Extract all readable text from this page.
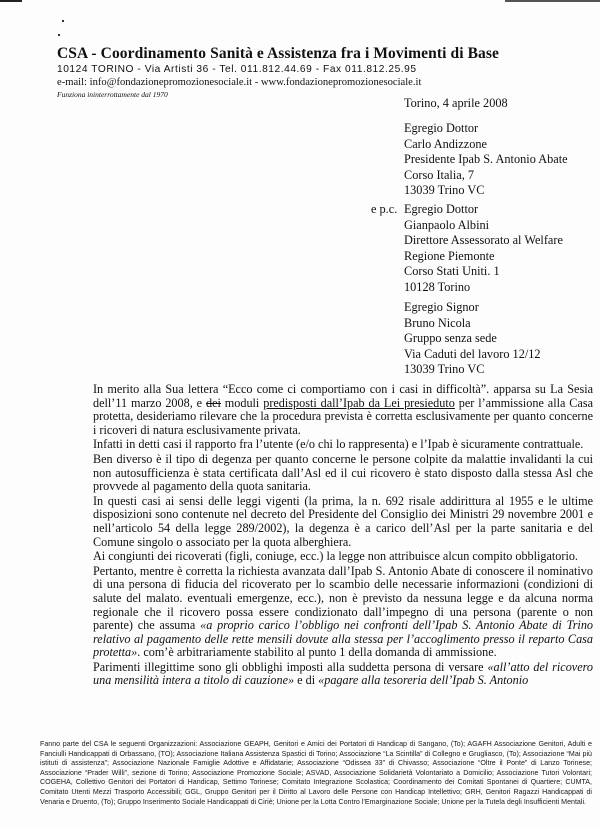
CSA - Coordinamento Sanità e Assistenza fra i Movimenti di Base
10124 TORINO - Via Artisti 36 - Tel. 011.812.44.69 - Fax 011.812.25.95
e-mail: info@fondazionepromozionesociale.it - www.fondazionepromozionesociale.it
Funziona ininterrottamente dal 1970
Torino, 4 aprile 2008
Egregio Dottor
Carlo Andizzone
Presidente Ipab S. Antonio Abate
Corso Italia, 7
13039 Trino VC
e p.c. Egregio Dottor
Gianpaolo Albini
Direttore Assessorato al Welfare
Regione Piemonte
Corso Stati Uniti. 1
10128 Torino
Egregio Signor
Bruno Nicola
Gruppo senza sede
Via Caduti del lavoro 12/12
13039 Trino VC

In merito alla Sua lettera “Ecco come ci comportiamo con i casi in difficoltà”. apparsa su La Sesia dell’11 marzo 2008, e dei moduli predisposti dall’Ipab da Lei presieduto per l’ammissione alla Casa protetta, desideriamo rilevare che la procedura prevista è corretta esclusivamente per quanto concerne i ricoveri di natura esclusivamente privata.

Infatti in detti casi il rapporto fra l’utente (e/o chi lo rappresenta) e l’Ipab è sicuramente contrattuale.

Ben diverso è il tipo di degenza per quanto concerne le persone colpite da malattie invalidanti la cui non autosufficienza è stata certificata dall’Asl ed il cui ricovero è stato disposto dalla stessa Asl che provvede al pagamento della quota sanitaria.

In questi casi ai sensi delle leggi vigenti (la prima, la n. 692 risale addirittura al 1955 e le ultime disposizioni sono contenute nel decreto del Presidente del Consiglio dei Ministri 29 novembre 2001 e nell’articolo 54 della legge 289/2002), la degenza è a carico dell’Asl per la parte sanitaria e del Comune singolo o associato per la quota alberghiera.

Ai congiunti dei ricoverati (figli, coniuge, ecc.) la legge non attribuisce alcun compito obbligatorio.

Pertanto, mentre è corretta la richiesta avanzata dall’Ipab S. Antonio Abate di conoscere il nominativo di una persona di fiducia del ricoverato per lo scambio delle necessarie informazioni (condizioni di salute del malato. eventuali emergenze, ecc.), non è previsto da nessuna legge e da alcuna norma regionale che il ricovero possa essere condizionato dall’impegno di una persona (parente o non parente) che assuma «a proprio carico l’obbligo nei confronti dell’Ipab S. Antonio Abate di Trino relativo al pagamento delle rette mensili dovute alla stessa per l’accoglimento presso il reparto Casa protetta». com’è arbitrariamente stabilito al punto 1 della domanda di ammissione.

Parimenti illegittime sono gli obblighi imposti alla suddetta persona di versare «all’atto del ricovero una mensilità intera a titolo di cauzione» e di «pagare alla tesoreria dell’Ipab S. Antonio

Fanno parte del CSA le seguenti Organizzazioni: Associazione GEAPH, Genitori e Amici dei Portatori di Handicap di Sangano, (To); AGAFH Associazione Genitori, Adulti e Fanciulli Handicappati di Orbassano, (TO); Associazione Italiana Assistenza Spastici di Torino; Associazione “La Scintilla” di Collegno e Grugliasco, (To); Associazione “Mai più istituti di assistenza”; Associazione Nazionale Famiglie Adottive e Affidatarie; Associazione “Odissea 33” di Chivasso; Associazione “Oltre il Ponte” di Lanzo Torinese; Associazione “Prader Willi”, sezione di Torino; Associazione Promozione Sociale; ASVAD, Associazione Solidarietà Volontariato a Domicilio; Associazione Tutori Volontari; COGEHA, Collettivo Genitori dei Portatori di Handicap, Settimo Torinese; Comitato Integrazione Scolastica; Coordinamento dei Comitati Spontanei di Quartiere; CUMTA, Comitato Utenti Mezzi Trasporto Accessibili; GGL, Gruppo Genitori per il Diritto al Lavoro delle Persone con Handicap Intellettivo; GRH, Genitori Ragazzi Handicappati di Venaria e Druento, (To); Gruppo Inserimento Sociale Handicappati di Ciriè; Unione per la Lotta Contro l’Emarginazione Sociale; Unione per la Tutela degli Insufficienti Mentali.
